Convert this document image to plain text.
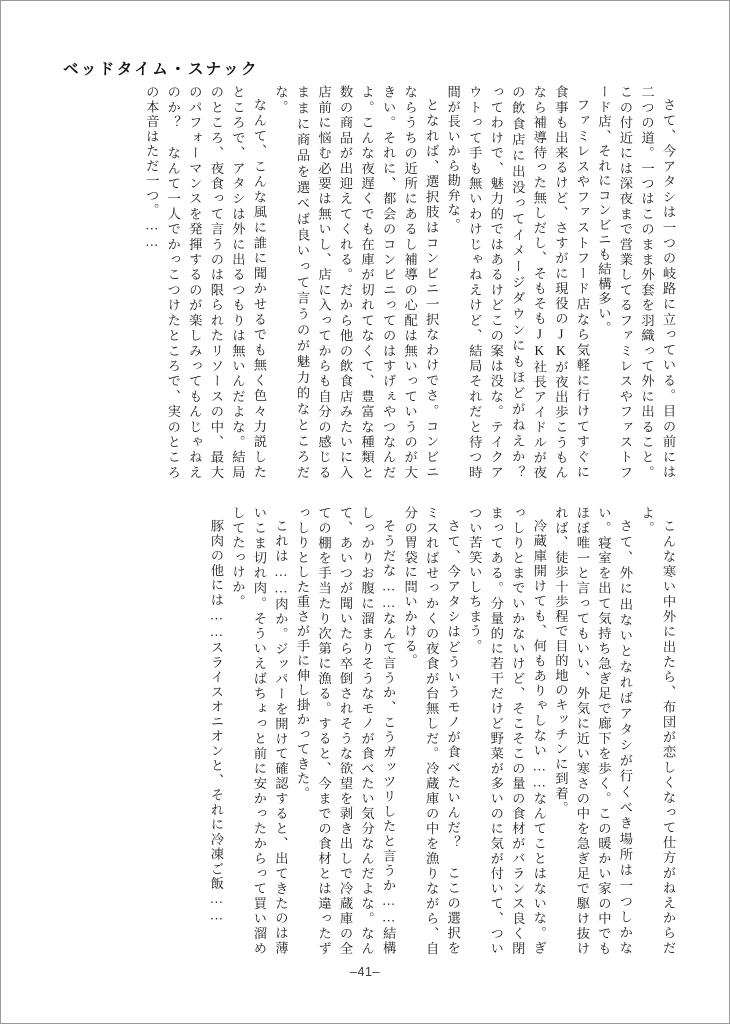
ベッドタイム・スナック

さて、今アタシは一つの岐路に立っている。目の前には二つの道。一つはこのまま外套を羽織って外に出ること。この付近には深夜まで営業してるファミレスやファストフード店、それにコンビニも結構多い。

ファミレスやファストフード店なら気軽に行けてすぐに食事も出来るけど、さすがに現役のJKが夜出歩こうもんなら補導待った無しだし、そもそもJK社長アイドルが夜の飲食店に出没ってイメージダウンにもほどがねえか？　ってわけで、魅力的ではあるけどこの案は没な。テイクアウトって手も無いわけじゃねえけど、結局それだと待つ時間が長いから勘弁な。

となれば、選択肢はコンビニ一択なわけでさ。コンビニならうちの近所にあるし補導の心配は無いっていうのが大きい。それに、都会のコンビニってのはすげぇやつなんだよ。こんな夜遅くでも在庫が切れてなくて、豊富な種類と数の商品が出迎えてくれる。だから他の飲食店みたいに入店前に悩む必要は無いし、店に入ってからも自分の感じるままに商品を選べば良いって言うのが魅力的なところだな。

なんて、こんな風に誰に聞かせるでも無く色々力説したところで、アタシは外に出るつもりは無いんだよな。結局のところ、夜食って言うのは限られたリソースの中、最大のパフォーマンスを発揮するのが楽しみってもんじゃねえのか？　なんて一人でかっこつけたところで、実のところの本音はただ一つ。……

こんな寒い中外に出たら、布団が恋しくなって仕方がねえからだよ。

さて、外に出ないとなればアタシが行くべき場所は一つしかない。寝室を出て気持ち急ぎ足で廊下を歩く。この暖かい家の中でもほぼ唯一と言ってもいい、外気に近い寒さの中を急ぎ足で駆け抜ければ、徒歩十歩程で目的地のキッチンに到着。

冷蔵庫開けても、何もありゃしない……なんてことはないな。ぎっしりとまでいかないけど、そこそこの量の食材がバランス良く閉まってある。分量的に若干だけど野菜が多いのに気が付いて、ついつい苦笑いしちまう。

さて、今アタシはどういうモノが食べたいんだ？　ここの選択をミスればせっかくの夜食が台無しだ。冷蔵庫の中を漁りながら、自分の胃袋に問いかける。

そうだな……なんて言うか、こうガッツリしたと言うか……結構しっかりお腹に溜まりそうなモノが食べたい気分なんだよな。なんて、あいつが聞いたら卒倒されそうな欲望を剥き出しで冷蔵庫の全ての棚を手当たり次第に漁る。すると、今までの食材とは違ったずっしりとした重さが手に伸し掛かってきた。

これは……肉か。ジッパーを開けて確認すると、出てきたのは薄いこま切れ肉。そういえばちょっと前に安かったからって買い溜めしてたっけか。

豚肉の他には……スライスオニオンと、それに冷凍ご飯……

–41–
